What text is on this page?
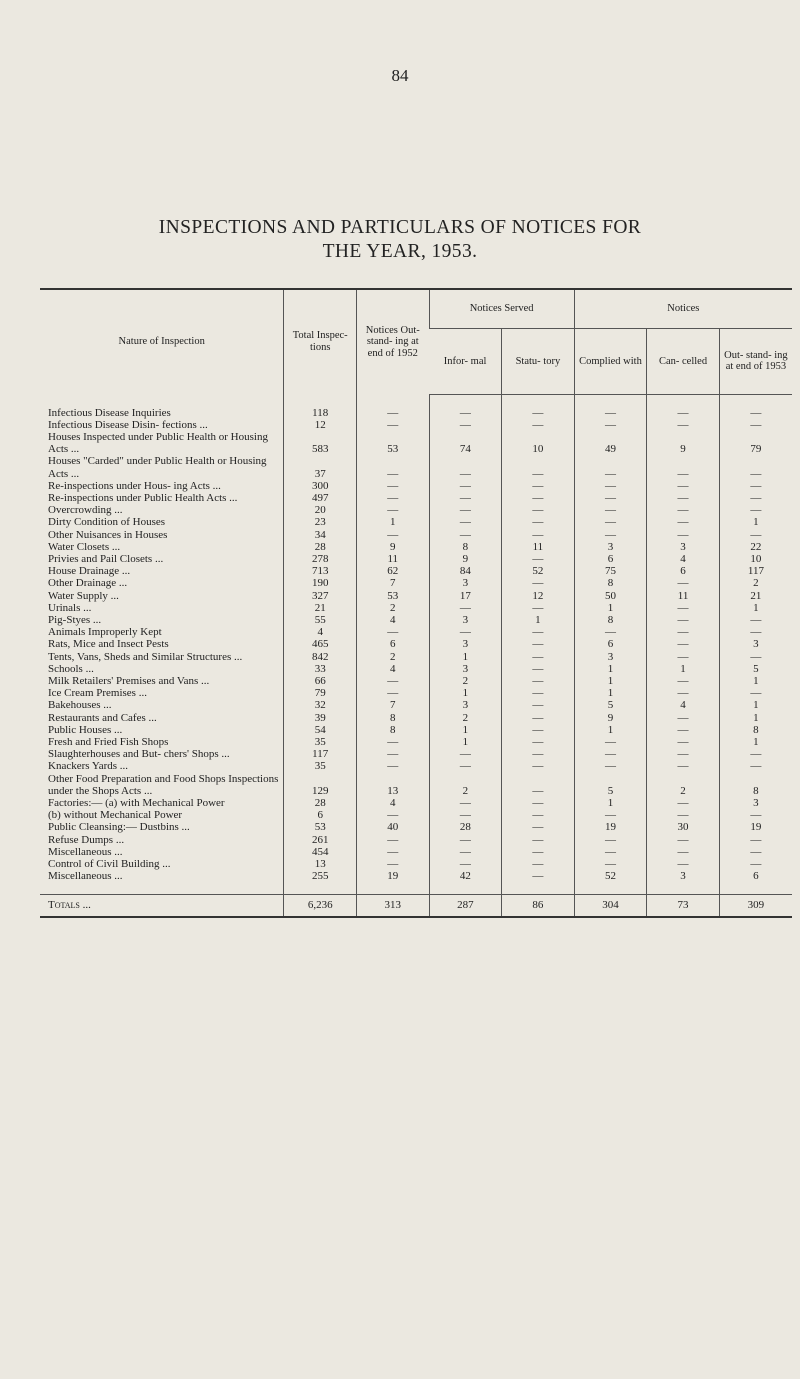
84
INSPECTIONS AND PARTICULARS OF NOTICES FOR
THE YEAR, 1953.
Nature of Inspection	Total Inspec- tions	Notices Out- stand- ing at end of 1952	Notices Served		Notices		
			Infor- mal	Statu- tory	Complied with	Can- celled	Out- stand- ing at end of 1953

Infectious Disease Inquiries	118	—	—	—	—	—	—
Infectious Disease Disin- fections ...	12	—	—	—	—	—	—
Houses Inspected under Public Health or Housing Acts ...	583	53	74	10	49	9	79
Houses "Carded" under Public Health or Housing Acts ...	37	—	—	—	—	—	—
Re-inspections under Hous- ing Acts ...	300	—	—	—	—	—	—
Re-inspections under Public Health Acts ...	497	—	—	—	—	—	—
Overcrowding ...	20	—	—	—	—	—	—
Dirty Condition of Houses	23	1	—	—	—	—	1
Other Nuisances in Houses	34	—	—	—	—	—	—
Water Closets ...	28	9	8	11	3	3	22
Privies and Pail Closets ...	278	11	9	—	6	4	10
House Drainage ...	713	62	84	52	75	6	117
Other Drainage ...	190	7	3	—	8	—	2
Water Supply ...	327	53	17	12	50	11	21
Urinals ...	21	2	—	—	1	—	1
Pig-Styes ...	55	4	3	1	8	—	—
Animals Improperly Kept	4	—	—	—	—	—	—
Rats, Mice and Insect Pests	465	6	3	—	6	—	3
Tents, Vans, Sheds and Similar Structures ...	842	2	1	—	3	—	—
Schools ...	33	4	3	—	1	1	5
Milk Retailers' Premises and Vans ...	66	—	2	—	1	—	1
Ice Cream Premises ...	79	—	1	—	1	—	—
Bakehouses ...	32	7	3	—	5	4	1
Restaurants and Cafes ...	39	8	2	—	9	—	1
Public Houses ...	54	8	1	—	1	—	8
Fresh and Fried Fish Shops	35	—	1	—	—	—	1
Slaughterhouses and But- chers' Shops ...	117	—	—	—	—	—	—
Knackers Yards ...	35	—	—	—	—	—	—
Other Food Preparation and Food Shops Inspections under the Shops Acts ...	129	13	2	—	5	2	8
Factories:— (a) with Mechanical Power	28	4	—	—	1	—	3
(b) without Mechanical Power	6	—	—	—	—	—	—
Public Cleansing:— Dustbins ...	53	40	28	—	19	30	19
Refuse Dumps ...	261	—	—	—	—	—	—
Miscellaneous ...	454	—	—	—	—	—	—
Control of Civil Building ...	13	—	—	—	—	—	—
Miscellaneous ...	255	19	42	—	52	3	6

Totals ...	6,236	313	287	86	304	73	309
